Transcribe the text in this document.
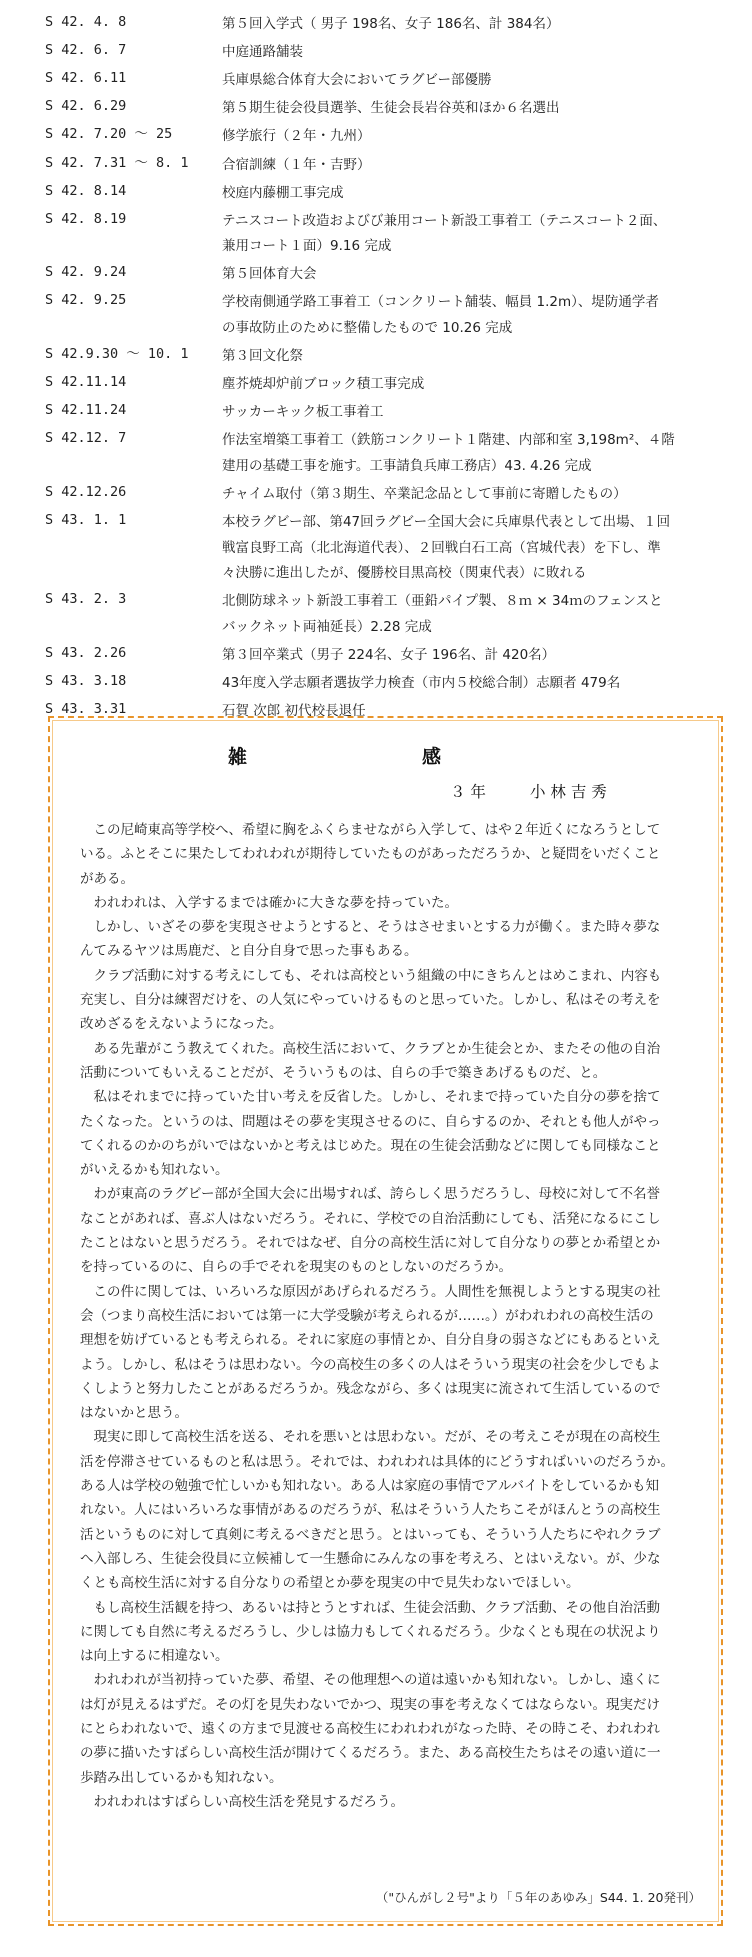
S 42. 4. 8	第５回入学式（ 男子 198名、女子 186名、計 384名）
S 42. 6. 7	中庭通路舗装
S 42. 6.11	兵庫県総合体育大会においてラグビー部優勝
S 42. 6.29	第５期生徒会役員選挙、生徒会長岩谷英和ほか６名選出
S 42. 7.20 ～ 25	修学旅行（２年・九州）
S 42. 7.31 ～ 8. 1 合宿訓練（１年・吉野）
S 42. 8.14	校庭内藤棚工事完成
S 42. 8.19	テニスコート改造およびび兼用コート新設工事着工（テニスコート２面、
兼用コート１面）9.16 完成
S 42. 9.24	第５回体育大会
S 42. 9.25	学校南側通学路工事着工（コンクリート舗装、幅員 1.2m）、堤防通学者
の事故防止のために整備したもので 10.26 完成
S 42.9.30 ～ 10. 1 第３回文化祭
S 42.11.14	塵芥焼却炉前ブロック積工事完成
S 42.11.24	サッカーキック板工事着工
S 42.12. 7	作法室増築工事着工（鉄筋コンクリート１階建、内部和室 3,198m²、４階
建用の基礎工事を施す。工事請負兵庫工務店）43. 4.26 完成
S 42.12.26	チャイム取付（第３期生、卒業記念品として事前に寄贈したもの）
S 43. 1. 1	本校ラグビー部、第47回ラグビー全国大会に兵庫県代表として出場、１回
戦富良野工高（北北海道代表）、２回戦白石工高（宮城代表）を下し、準
々決勝に進出したが、優勝校目黒高校（関東代表）に敗れる
S 43. 2. 3	北側防球ネット新設工事着工（亜鉛パイプ製、８ｍ × 34ｍのフェンスと
バックネット両袖延長）2.28 完成
S 43. 2.26	第３回卒業式（男子 224名、女子 196名、計 420名）
S 43. 3.18	43年度入学志願者選抜学力検査（市内５校総合制）志願者 479名
S 43. 3.31	石賀 次郎 初代校長退任
雑	感
３ 年	小 林 吉 秀
　この尼崎東高等学校へ、希望に胸をふくらませながら入学して、はや２年近くになろうとして
いる。ふとそこに果たしてわれわれが期待していたものがあっただろうか、と疑問をいだくこと
がある。
　われわれは、入学するまでは確かに大きな夢を持っていた。
　しかし、いざその夢を実現させようとすると、そうはさせまいとする力が働く。また時々夢な
んてみるヤツは馬鹿だ、と自分自身で思った事もある。
　クラブ活動に対する考えにしても、それは高校という組織の中にきちんとはめこまれ、内容も
充実し、自分は練習だけを、の人気にやっていけるものと思っていた。しかし、私はその考えを
改めざるをえないようになった。
　ある先輩がこう教えてくれた。高校生活において、クラブとか生徒会とか、またその他の自治
活動についてもいえることだが、そういうものは、自らの手で築きあげるものだ、と。
　私はそれまでに持っていた甘い考えを反省した。しかし、それまで持っていた自分の夢を捨て
たくなった。というのは、問題はその夢を実現させるのに、自らするのか、それとも他人がやっ
てくれるのかのちがいではないかと考えはじめた。現在の生徒会活動などに関しても同様なこと
がいえるかも知れない。
　わが東高のラグビー部が全国大会に出場すれば、誇らしく思うだろうし、母校に対して不名誉
なことがあれば、喜ぶ人はないだろう。それに、学校での自治活動にしても、活発になるにこし
たことはないと思うだろう。それではなぜ、自分の高校生活に対して自分なりの夢とか希望とか
を持っているのに、自らの手でそれを現実のものとしないのだろうか。
　この件に関しては、いろいろな原因があげられるだろう。人間性を無視しようとする現実の社
会（つまり高校生活においては第一に大学受験が考えられるが……。）がわれわれの高校生活の
理想を妨げているとも考えられる。それに家庭の事情とか、自分自身の弱さなどにもあるといえ
よう。しかし、私はそうは思わない。今の高校生の多くの人はそういう現実の社会を少しでもよ
くしようと努力したことがあるだろうか。残念ながら、多くは現実に流されて生活しているので
はないかと思う。
　現実に即して高校生活を送る、それを悪いとは思わない。だが、その考えこそが現在の高校生
活を停滞させているものと私は思う。それでは、われわれは具体的にどうすればいいのだろうか。
ある人は学校の勉強で忙しいかも知れない。ある人は家庭の事情でアルバイトをしているかも知
れない。人にはいろいろな事情があるのだろうが、私はそういう人たちこそがほんとうの高校生
活というものに対して真剣に考えるべきだと思う。とはいっても、そういう人たちにやれクラブ
へ入部しろ、生徒会役員に立候補して一生懸命にみんなの事を考えろ、とはいえない。が、少な
くとも高校生活に対する自分なりの希望とか夢を現実の中で見失わないでほしい。
　もし高校生活観を持つ、あるいは持とうとすれば、生徒会活動、クラブ活動、その他自治活動
に関しても自然に考えるだろうし、少しは協力もしてくれるだろう。少なくとも現在の状況より
は向上するに相違ない。
　われわれが当初持っていた夢、希望、その他理想への道は遠いかも知れない。しかし、遠くに
は灯が見えるはずだ。その灯を見失わないでかつ、現実の事を考えなくてはならない。現実だけ
にとらわれないで、遠くの方まで見渡せる高校生にわれわれがなった時、その時こそ、われわれ
の夢に描いたすばらしい高校生活が開けてくるだろう。また、ある高校生たちはその遠い道に一
歩踏み出しているかも知れない。
　われわれはすばらしい高校生活を発見するだろう。
（"ひんがし２号"より「５年のあゆみ」S44. 1. 20発刊）
